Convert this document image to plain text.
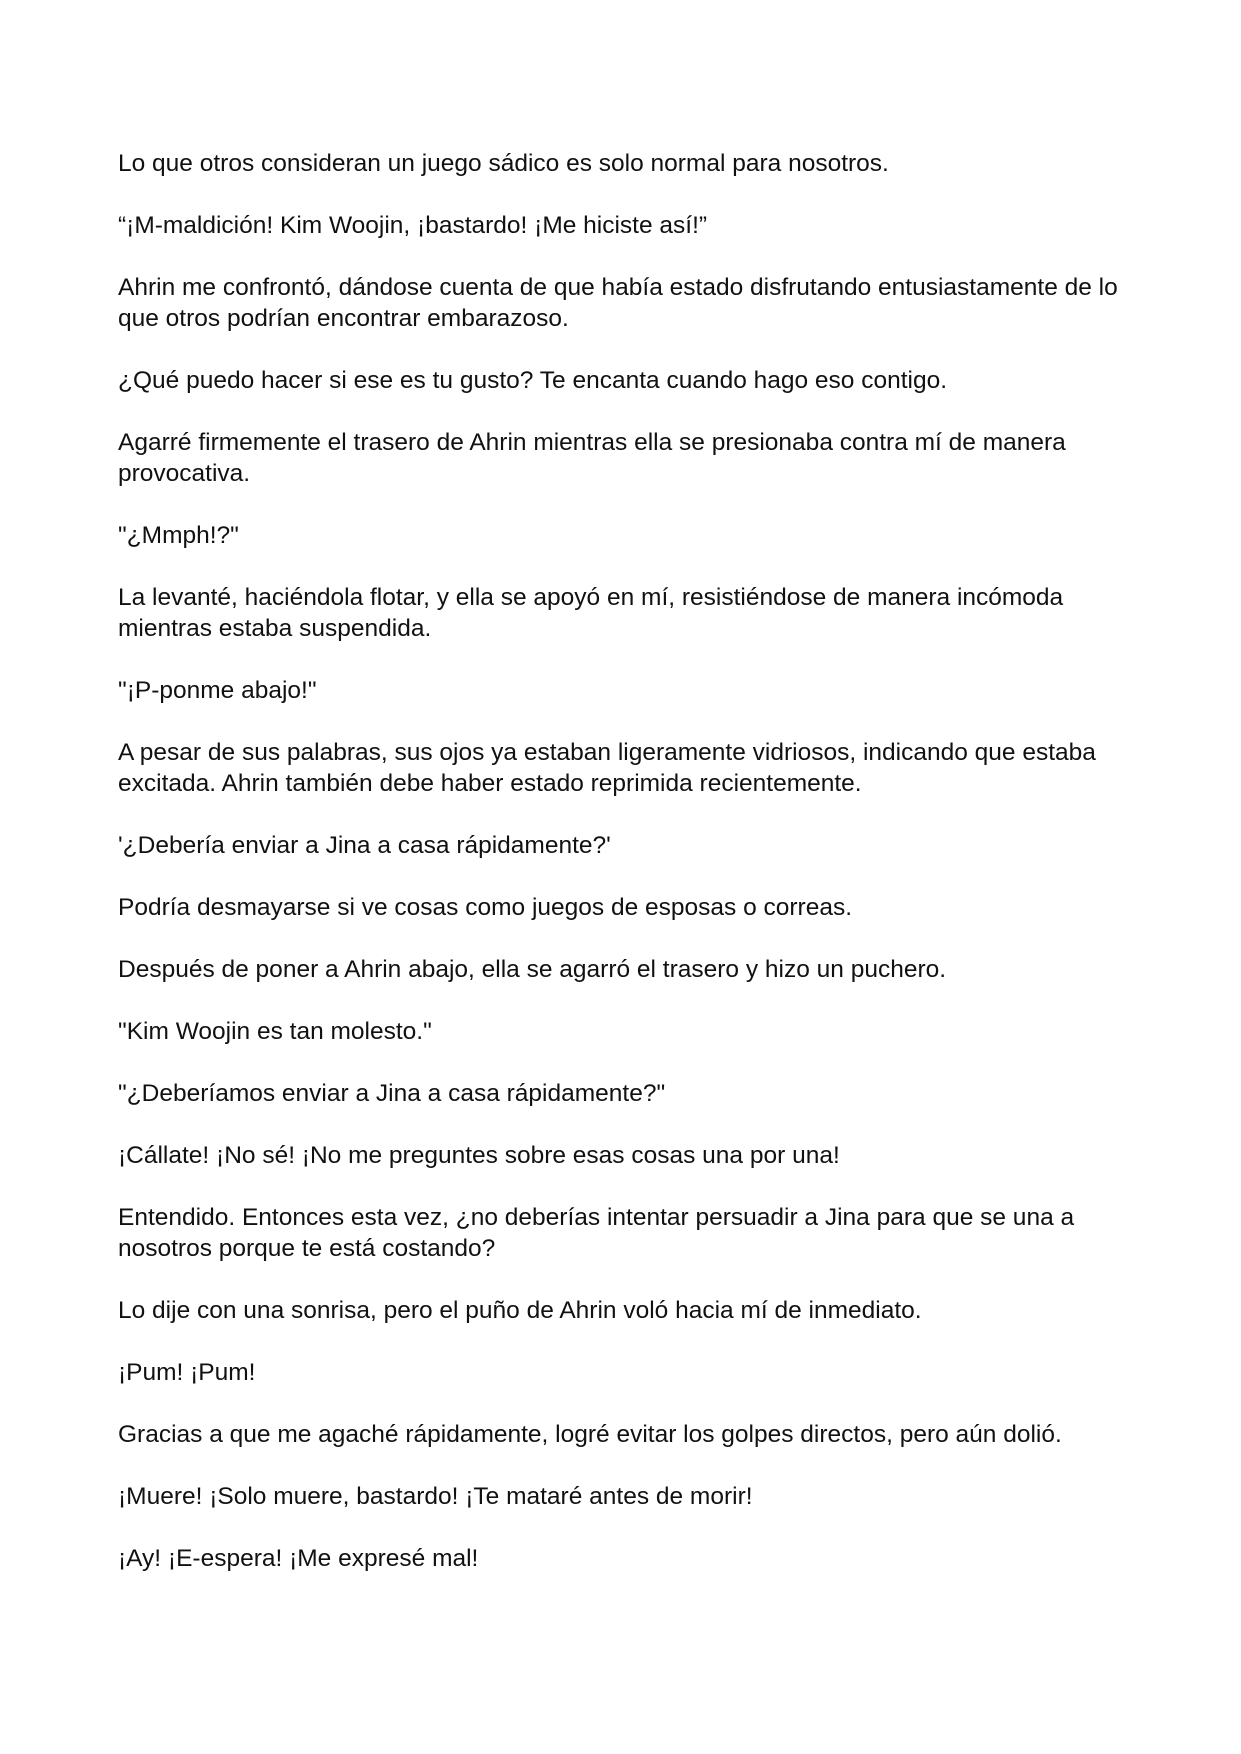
Lo que otros consideran un juego sádico es solo normal para nosotros.

“¡M-maldición! Kim Woojin, ¡bastardo! ¡Me hiciste así!”

Ahrin me confrontó, dándose cuenta de que había estado disfrutando entusiastamente de lo que otros podrían encontrar embarazoso.

¿Qué puedo hacer si ese es tu gusto? Te encanta cuando hago eso contigo.

Agarré firmemente el trasero de Ahrin mientras ella se presionaba contra mí de manera provocativa.

"¿Mmph!?"

La levanté, haciéndola flotar, y ella se apoyó en mí, resistiéndose de manera incómoda mientras estaba suspendida.

"¡P-ponme abajo!"

A pesar de sus palabras, sus ojos ya estaban ligeramente vidriosos, indicando que estaba excitada. Ahrin también debe haber estado reprimida recientemente.

'¿Debería enviar a Jina a casa rápidamente?'

Podría desmayarse si ve cosas como juegos de esposas o correas.

Después de poner a Ahrin abajo, ella se agarró el trasero y hizo un puchero.

"Kim Woojin es tan molesto."

"¿Deberíamos enviar a Jina a casa rápidamente?"

¡Cállate! ¡No sé! ¡No me preguntes sobre esas cosas una por una!

Entendido. Entonces esta vez, ¿no deberías intentar persuadir a Jina para que se una a nosotros porque te está costando?

Lo dije con una sonrisa, pero el puño de Ahrin voló hacia mí de inmediato.

¡Pum! ¡Pum!

Gracias a que me agaché rápidamente, logré evitar los golpes directos, pero aún dolió.

¡Muere! ¡Solo muere, bastardo! ¡Te mataré antes de morir!

¡Ay! ¡E-espera! ¡Me expresé mal!
